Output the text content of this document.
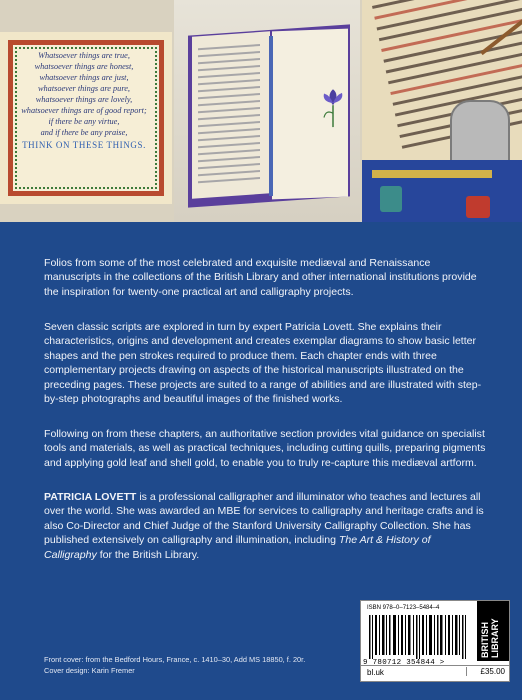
Whatsoever things are true,
whatsoever things are honest,
whatsoever things are just,
whatsoever things are pure,
whatsoever things are lovely,
whatsoever things are of good report;
if there be any virtue,
and if there be any praise,
THINK ON THESE THINGS.

Folios from some of the most celebrated and exquisite mediæval and Renaissance manuscripts in the collections of the British Library and other international institutions provide the inspiration for twenty-one practical art and calligraphy projects.

Seven classic scripts are explored in turn by expert Patricia Lovett. She explains their characteristics, origins and development and creates exemplar diagrams to show basic letter shapes and the pen strokes required to produce them. Each chapter ends with three complementary projects drawing on aspects of the historical manuscripts illustrated on the preceding pages. These projects are suited to a range of abilities and are illustrated with step-by-step photographs and beautiful images of the finished works.

Following on from these chapters, an authoritative section provides vital guidance on specialist tools and materials, as well as practical techniques, including cutting quills, preparing pigments and applying gold leaf and shell gold, to enable you to truly re-capture this mediæval artform.

PATRICIA LOVETT is a professional calligrapher and illuminator who teaches and lectures all over the world. She was awarded an MBE for services to calligraphy and heritage crafts and is also Co-Director and Chief Judge of the Stanford University Calligraphy Collection. She has published extensively on calligraphy and illumination, including The Art & History of Calligraphy for the British Library.

ISBN 978–0–7123–5484–4
9 780712 354844 >
BRITISH LIBRARY
bl.uk	£35.00
Front cover: from the Bedford Hours, France, c. 1410–30, Add MS 18850, f. 20r.
Cover design: Karin Fremer
